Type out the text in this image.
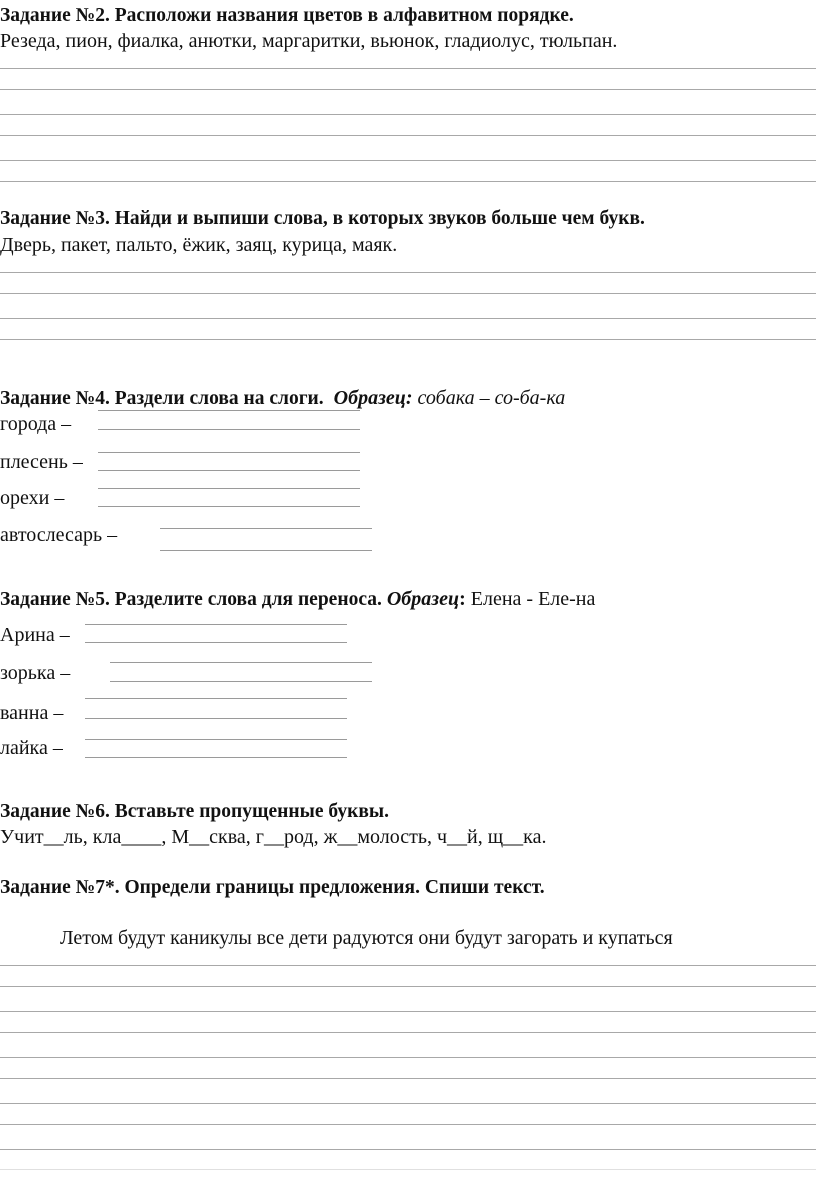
Задание №2. Расположи названия цветов в алфавитном порядке.
Резеда, пион, фиалка, анютки, маргаритки, вьюнок, гладиолус, тюльпан.
Задание №3. Найди и выпиши слова, в которых звуков больше чем букв.
Дверь, пакет, пальто, ёжик, заяц, курица, маяк.
Задание №4. Раздели слова на слоги. Образец: собака – со-ба-ка
города –
плесень –
орехи –
автослесарь –
Задание №5. Разделите слова для переноса. Образец: Елена - Еле-на
Арина –
зорька –
ванна –
лайка –
Задание №6. Вставьте пропущенные буквы.
Учит__ль, кла____, М__сква, г__род, ж__молость, ч__й, щ__ка.
Задание №7*. Определи границы предложения. Спиши текст.
Летом будут каникулы все дети радуются они будут загорать и купаться
